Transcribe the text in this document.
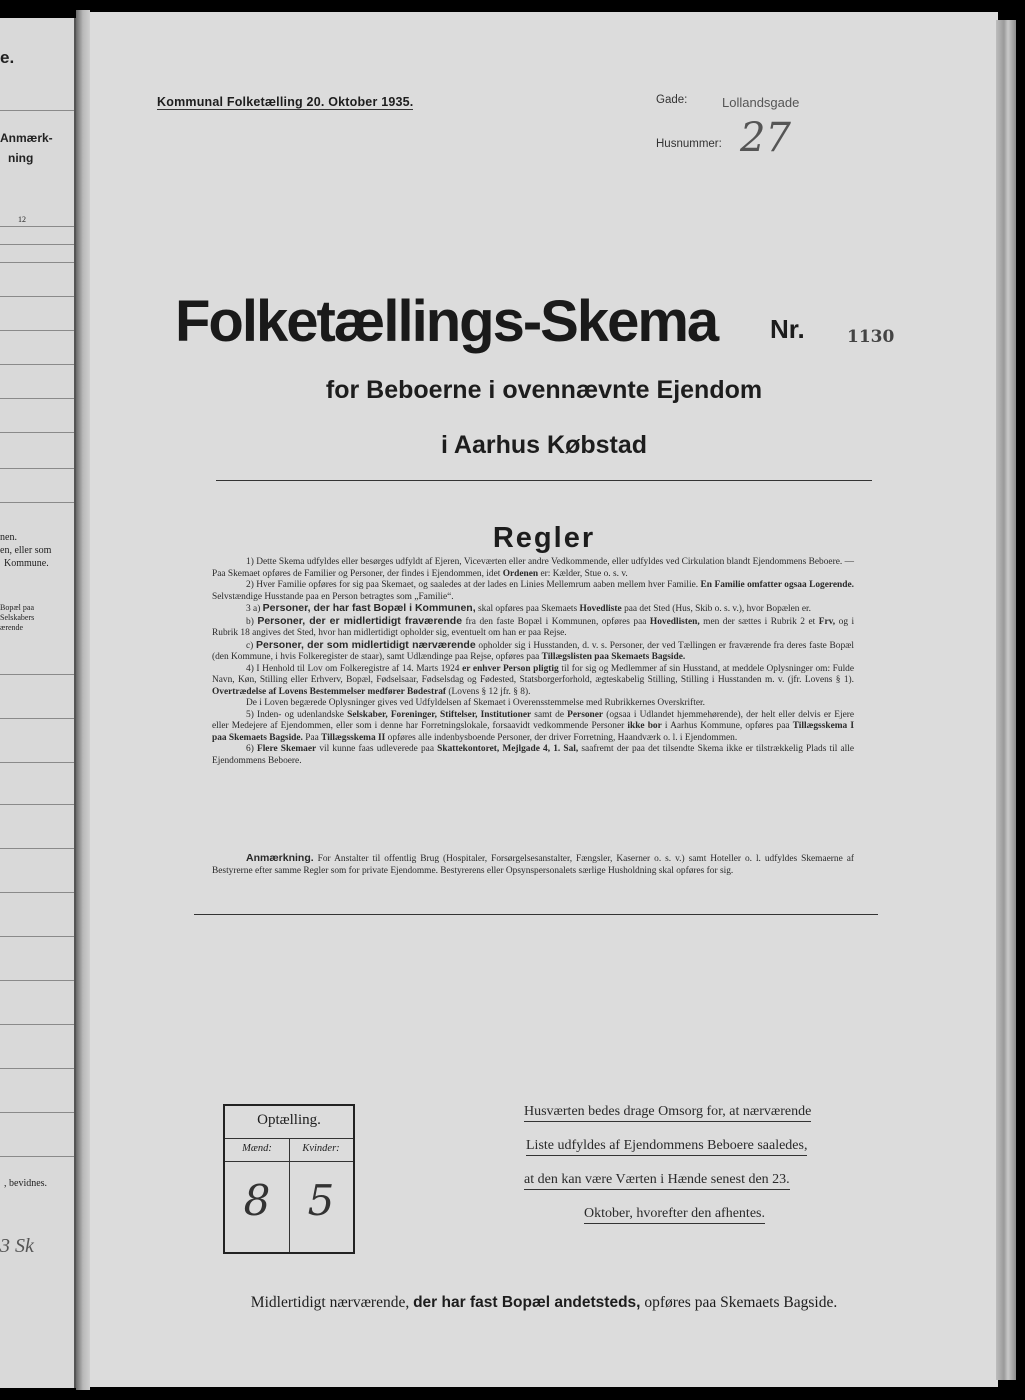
e.
Anmærk-
ning
12
nen.
en, eller som
Kommune.
Bopæl paa
Selskabers
ærende
, bevidnes.
3 Sk
Kommunal Folketælling 20. Oktober 1935.	Gade:	Lollandsgade
Husnummer: 27
Folketællings-Skema Nr. 1130
for Beboerne i ovennævnte Ejendom
i Aarhus Købstad
Regler

1) Dette Skema udfyldes eller besørges udfyldt af Ejeren, Viceværten eller andre Vedkommende, eller udfyldes ved Cirkulation blandt Ejendommens Beboere. — Paa Skemaet opføres de Familier og Personer, der findes i Ejendommen, idet Ordenen er: Kælder, Stue o. s. v.

2) Hver Familie opføres for sig paa Skemaet, og saaledes at der lades en Linies Mellemrum aaben mellem hver Familie. En Familie omfatter ogsaa Logerende. Selvstændige Husstande paa en Person betragtes som „Familie“.

3 a) Personer, der har fast Bopæl i Kommunen, skal opføres paa Skemaets Hovedliste paa det Sted (Hus, Skib o. s. v.), hvor Bopælen er.

b) Personer, der er midlertidigt fraværende fra den faste Bopæl i Kommunen, opføres paa Hovedlisten, men der sættes i Rubrik 2 et Frv, og i Rubrik 18 angives det Sted, hvor han midlertidigt opholder sig, eventuelt om han er paa Rejse.

c) Personer, der som midlertidigt nærværende opholder sig i Husstanden, d. v. s. Personer, der ved Tællingen er fraværende fra deres faste Bopæl (den Kommune, i hvis Folkeregister de staar), samt Udlændinge paa Rejse, opføres paa Tillægslisten paa Skemaets Bagside.

4) I Henhold til Lov om Folkeregistre af 14. Marts 1924 er enhver Person pligtig til for sig og Medlemmer af sin Husstand, at meddele Oplysninger om: Fulde Navn, Køn, Stilling eller Erhverv, Bopæl, Fødselsaar, Fødselsdag og Fødested, Statsborgerforhold, ægteskabelig Stilling, Stilling i Husstanden m. v. (jfr. Lovens § 1). Overtrædelse af Lovens Bestemmelser medfører Bødestraf (Lovens § 12 jfr. § 8).

De i Loven begærede Oplysninger gives ved Udfyldelsen af Skemaet i Overensstemmelse med Rubrikkernes Overskrifter.

5) Inden- og udenlandske Selskaber, Foreninger, Stiftelser, Institutioner samt de Personer (ogsaa i Udlandet hjemmehørende), der helt eller delvis er Ejere eller Medejere af Ejendommen, eller som i denne har Forretningslokale, forsaavidt vedkommende Personer ikke bor i Aarhus Kommune, opføres paa Tillægsskema I paa Skemaets Bagside. Paa Tillægsskema II opføres alle indenbysboende Personer, der driver Forretning, Haandværk o. l. i Ejendommen.

6) Flere Skemaer vil kunne faas udleverede paa Skattekontoret, Mejlgade 4, 1. Sal, saafremt der paa det tilsendte Skema ikke er tilstrækkelig Plads til alle Ejendommens Beboere.

Anmærkning. For Anstalter til offentlig Brug (Hospitaler, Forsørgelsesanstalter, Fængsler, Kaserner o. s. v.) samt Hoteller o. l. udfyldes Skemaerne af Bestyrerne efter samme Regler som for private Ejendomme. Bestyrerens eller Opsynspersonalets særlige Husholdning skal opføres for sig.

Optælling.
Mænd:	Kvinder:
8 5
Husværten bedes drage Omsorg for, at nærværende
Liste udfyldes af Ejendommens Beboere saaledes,
at den kan være Værten i Hænde senest den 23.
Oktober, hvorefter den afhentes.
Midlertidigt nærværende, der har fast Bopæl andetsteds, opføres paa Skemaets Bagside.
